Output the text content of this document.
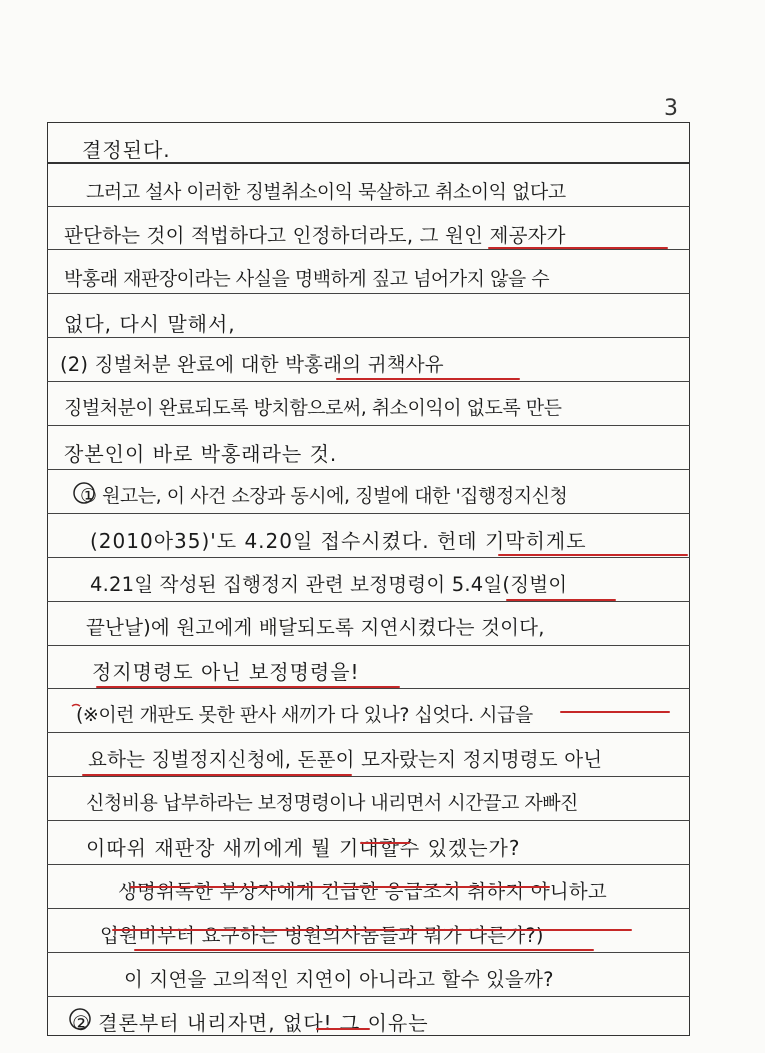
3
결정된다.
그러고 설사 이러한 징벌취소이익 묵살하고 취소이익 없다고
판단하는 것이 적법하다고 인정하더라도, 그 원인 제공자가
박홍래 재판장이라는 사실을 명백하게 짚고 넘어가지 않을 수
없다, 다시 말해서,
(2) 징벌처분 완료에 대한 박홍래의 귀책사유
징벌처분이 완료되도록 방치함으로써, 취소이익이 없도록 만든
장본인이 바로 박홍래라는 것.
① 원고는, 이 사건 소장과 동시에, 징벌에 대한 '집행정지신청
(2010아35)'도 4.20일 접수시켰다. 헌데 기막히게도
4.21일 작성된 집행정지 관련 보정명령이 5.4일(징벌이
끝난날)에 원고에게 배달되도록 지연시켰다는 것이다,
정지명령도 아닌 보정명령을!
(※이런 개판도 못한 판사 새끼가 다 있나? 십엇다. 시급을
요하는 징벌정지신청에, 돈푼이 모자랐는지 정지명령도 아닌
신청비용 납부하라는 보정명령이나 내리면서 시간끌고 자빠진
이따위 재판장 새끼에게 뭘 기대할수 있겠는가?
생명위독한 부상자에게 긴급한 응급조치 취하지 아니하고
입원비부터 요구하는 병원의사놈들과 뭐가 다른가?)
이 지연을 고의적인 지연이 아니라고 할수 있을까?
② 결론부터 내리자면, 없다! 그 이유는
